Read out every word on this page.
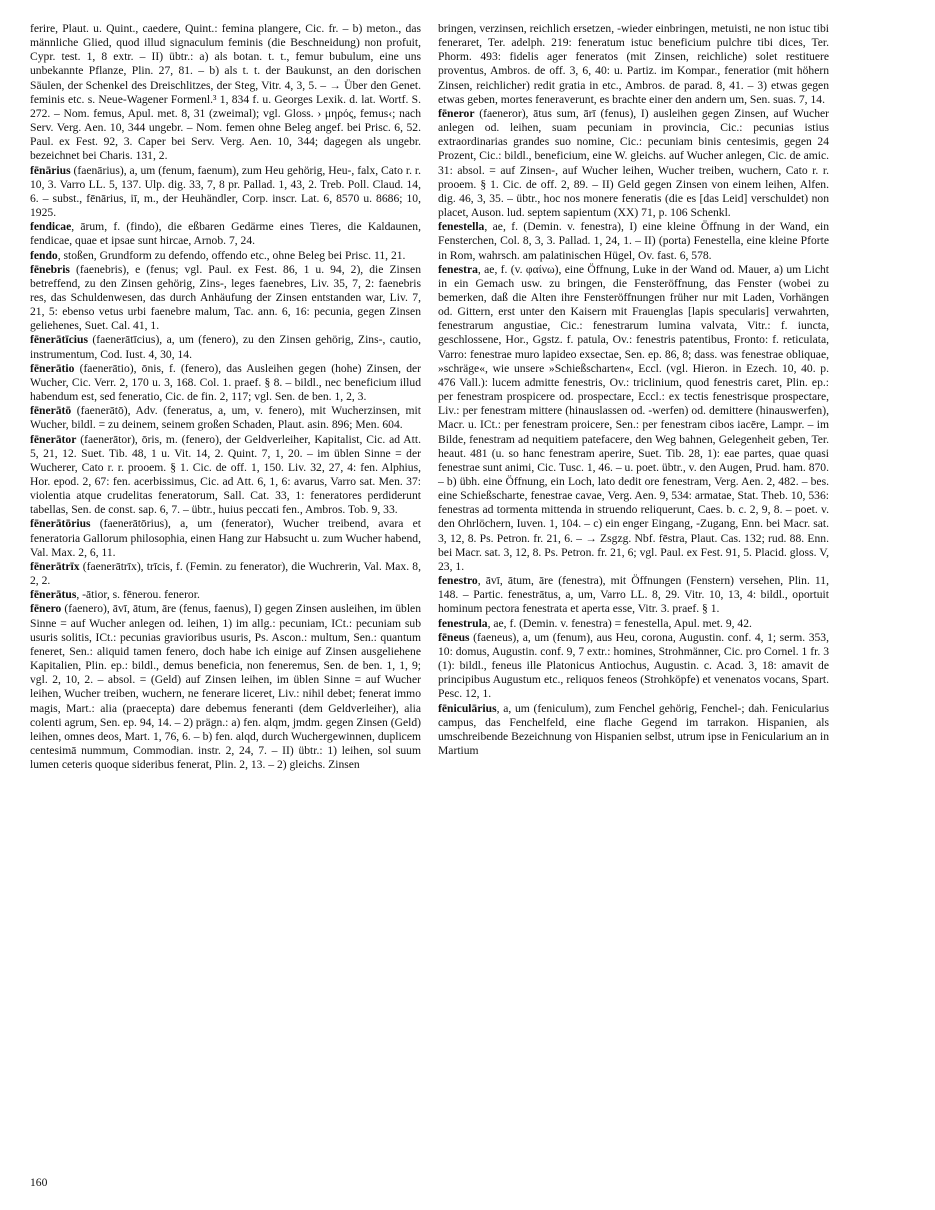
ferire, Plaut. u. Quint., caedere, Quint.: femina plangere, Cic. fr. – b) meton., das männliche Glied, quod illud signaculum feminis (die Beschneidung) non profuit, Cypr. test. 1, 8 extr. – II) übtr.: a) als botan. t. t., femur bubulum, eine uns unbekannte Pflanze, Plin. 27, 81. – b) als t. t. der Baukunst, an den dorischen Säulen, der Schenkel des Dreischlitzes, der Steg, Vitr. 4, 3, 5. – → Über den Genet. feminis etc. s. Neue-Wagener Formenl.³ 1, 834 f. u. Georges Lexik. d. lat. Wortf. S. 272. – Nom. femus, Apul. met. 8, 31 (zweimal); vgl. Gloss. › μηρός, femus‹; nach Serv. Verg. Aen. 10, 344 ungebr. – Nom. femen ohne Beleg angef. bei Prisc. 6, 52. Paul. ex Fest. 92, 3. Caper bei Serv. Verg. Aen. 10, 344; dagegen als ungebr. bezeichnet bei Charis. 131, 2.

fēnārius (faenārius), a, um (fenum, faenum), zum Heu gehörig, Heu-, falx, Cato r. r. 10, 3. Varro LL. 5, 137. Ulp. dig. 33, 7, 8 pr. Pallad. 1, 43, 2. Treb. Poll. Claud. 14, 6. – subst., fēnārius, iī, m., der Heuhändler, Corp. inscr. Lat. 6, 8570 u. 8686; 10, 1925.

fendicae, ārum, f. (findo), die eßbaren Gedärme eines Tieres, die Kaldaunen, fendicae, quae et ipsae sunt hircae, Arnob. 7, 24.

fendo, stoßen, Grundform zu defendo, offendo etc., ohne Beleg bei Prisc. 11, 21.

fēnebris (faenebris), e (fenus; vgl. Paul. ex Fest. 86, 1 u. 94, 2), die Zinsen betreffend, zu den Zinsen gehörig, Zins-, leges faenebres, Liv. 35, 7, 2: faenebris res, das Schuldenwesen, das durch Anhäufung der Zinsen entstanden war, Liv. 7, 21, 5: ebenso vetus urbi faenebre malum, Tac. ann. 6, 16: pecunia, gegen Zinsen geliehenes, Suet. Cal. 41, 1.

fēnerātīcius (faenerātīcius), a, um (fenero), zu den Zinsen gehörig, Zins-, cautio, instrumentum, Cod. Iust. 4, 30, 14.

fēnerātio (faenerātio), ōnis, f. (fenero), das Ausleihen gegen (hohe) Zinsen, der Wucher, Cic. Verr. 2, 170 u. 3, 168. Col. 1. praef. § 8. – bildl., nec beneficium illud habendum est, sed feneratio, Cic. de fin. 2, 117; vgl. Sen. de ben. 1, 2, 3.

fēnerātō (faenerātō), Adv. (feneratus, a, um, v. fenero), mit Wucherzinsen, mit Wucher, bildl. = zu deinem, seinem großen Schaden, Plaut. asin. 896; Men. 604.

fēnerātor (faenerātor), ōris, m. (fenero), der Geldverleiher, Kapitalist, Cic. ad Att. 5, 21, 12. Suet. Tib. 48, 1 u. Vit. 14, 2. Quint. 7, 1, 20. – im üblen Sinne = der Wucherer, Cato r. r. prooem. § 1. Cic. de off. 1, 150. Liv. 32, 27, 4: fen. Alphius, Hor. epod. 2, 67: fen. acerbissimus, Cic. ad Att. 6, 1, 6: avarus, Varro sat. Men. 37: violentia atque crudelitas feneratorum, Sall. Cat. 33, 1: feneratores perdiderunt tabellas, Sen. de const. sap. 6, 7. – übtr., huius peccati fen., Ambros. Tob. 9, 33.

fēnerātōrius (faenerātōrius), a, um (fenerator), Wucher treibend, avara et feneratoria Gallorum philosophia, einen Hang zur Habsucht u. zum Wucher habend, Val. Max. 2, 6, 11.

fēnerātrīx (faenerātrīx), trīcis, f. (Femin. zu fenerator), die Wuchrerin, Val. Max. 8, 2, 2.

fēnerātus, -ātior, s. fēnerou. feneror.

fēnero (faenero), āvī, ātum, āre (fenus, faenus), I) gegen Zinsen ausleihen, im üblen Sinne = auf Wucher anlegen od. leihen, 1) im allg.: pecuniam, ICt.: pecuniam sub usuris solitis, ICt.: pecunias gravioribus usuris, Ps. Ascon.: multum, Sen.: quantum feneret, Sen.: aliquid tamen fenero, doch habe ich einige auf Zinsen ausgeliehene Kapitalien, Plin. ep.: bildl., demus beneficia, non feneremus, Sen. de ben. 1, 1, 9; vgl. 2, 10, 2. – absol. = (Geld) auf Zinsen leihen, im üblen Sinne = auf Wucher leihen, Wucher treiben, wuchern, ne fenerare liceret, Liv.: nihil debet; fenerat immo magis, Mart.: alia (praecepta) dare debemus feneranti (dem Geldverleiher), alia colenti agrum, Sen. ep. 94, 14. – 2) prägn.: a) fen. alqm, jmdm. gegen Zinsen (Geld) leihen, omnes deos, Mart. 1, 76, 6. – b) fen. alqd, durch Wuchergewinnen, duplicem centesimā nummum, Commodian. instr. 2, 24, 7. – II) übtr.: 1) leihen, sol suum lumen ceteris quoque sideribus fenerat, Plin. 2, 13. – 2) gleichs. Zinsen

bringen, verzinsen, reichlich ersetzen, -wieder einbringen, metuisti, ne non istuc tibi feneraret, Ter. adelph. 219: feneratum istuc beneficium pulchre tibi dices, Ter. Phorm. 493: fidelis ager feneratos (mit Zinsen, reichliche) solet restituere proventus, Ambros. de off. 3, 6, 40: u. Partiz. im Kompar., feneratior (mit höhern Zinsen, reichlicher) redit gratia in etc., Ambros. de parad. 8, 41. – 3) etwas gegen etwas geben, mortes feneraverunt, es brachte einer den andern um, Sen. suas. 7, 14.

fēneror (faeneror), ātus sum, ārī (fenus), I) ausleihen gegen Zinsen, auf Wucher anlegen od. leihen, suam pecuniam in provincia, Cic.: pecunias istius extraordinarias grandes suo nomine, Cic.: pecuniam binis centesimis, gegen 24 Prozent, Cic.: bildl., beneficium, eine W. gleichs. auf Wucher anlegen, Cic. de amic. 31: absol. = auf Zinsen-, auf Wucher leihen, Wucher treiben, wuchern, Cato r. r. prooem. § 1. Cic. de off. 2, 89. – II) Geld gegen Zinsen von einem leihen, Alfen. dig. 46, 3, 35. – übtr., hoc nos monere feneratis (die es [das Leid] verschuldet) non placet, Auson. lud. septem sapientum (XX) 71, p. 106 Schenkl.

fenestella, ae, f. (Demin. v. fenestra), I) eine kleine Öffnung in der Wand, ein Fensterchen, Col. 8, 3, 3. Pallad. 1, 24, 1. – II) (porta) Fenestella, eine kleine Pforte in Rom, wahrsch. am palatinischen Hügel, Ov. fast. 6, 578.

fenestra, ae, f. (v. φαίνω), eine Öffnung, Luke in der Wand od. Mauer, a) um Licht in ein Gemach usw. zu bringen, die Fensteröffnung, das Fenster (wobei zu bemerken, daß die Alten ihre Fensteröffnungen früher nur mit Laden, Vorhängen od. Gittern, erst unter den Kaisern mit Frauenglas [lapis specularis] verwahrten, fenestrarum angustiae, Cic.: fenestrarum lumina valvata, Vitr.: f. iuncta, geschlossene, Hor., Ggstz. f. patula, Ov.: fenestris patentibus, Fronto: f. reticulata, Varro: fenestrae muro lapideo exsectae, Sen. ep. 86, 8; dass. was fenestrae obliquae, »schräge«, wie unsere »Schießscharten«, Eccl. (vgl. Hieron. in Ezech. 10, 40. p. 476 Vall.): lucem admitte fenestris, Ov.: triclinium, quod fenestris caret, Plin. ep.: per fenestram prospicere od. prospectare, Eccl.: ex tectis fenestrisque prospectare, Liv.: per fenestram mittere (hinauslassen od. -werfen) od. demittere (hinauswerfen), Macr. u. ICt.: per fenestram proicere, Sen.: per fenestram cibos iacēre, Lampr. – im Bilde, fenestram ad nequitiem patefacere, den Weg bahnen, Gelegenheit geben, Ter. heaut. 481 (u. so hanc fenestram aperire, Suet. Tib. 28, 1): eae partes, quae quasi fenestrae sunt animi, Cic. Tusc. 1, 46. – u. poet. übtr., v. den Augen, Prud. ham. 870. – b) übh. eine Öffnung, ein Loch, lato dedit ore fenestram, Verg. Aen. 2, 482. – bes. eine Schießscharte, fenestrae cavae, Verg. Aen. 9, 534: armatae, Stat. Theb. 10, 536: fenestras ad tormenta mittenda in struendo reliquerunt, Caes. b. c. 2, 9, 8. – poet. v. den Ohrlöchern, Iuven. 1, 104. – c) ein enger Eingang, -Zugang, Enn. bei Macr. sat. 3, 12, 8. Ps. Petron. fr. 21, 6. – → Zsgzg. Nbf. fēstra, Plaut. Cas. 132; rud. 88. Enn. bei Macr. sat. 3, 12, 8. Ps. Petron. fr. 21, 6; vgl. Paul. ex Fest. 91, 5. Placid. gloss. V, 23, 1.

fenestro, āvī, ātum, āre (fenestra), mit Öffnungen (Fenstern) versehen, Plin. 11, 148. – Partic. fenestrātus, a, um, Varro LL. 8, 29. Vitr. 10, 13, 4: bildl., oportuit hominum pectora fenestrata et aperta esse, Vitr. 3. praef. § 1.

fenestrula, ae, f. (Demin. v. fenestra) = fenestella, Apul. met. 9, 42.

fēneus (faeneus), a, um (fenum), aus Heu, corona, Augustin. conf. 4, 1; serm. 353, 10: domus, Augustin. conf. 9, 7 extr.: homines, Strohmänner, Cic. pro Cornel. 1 fr. 3 (1): bildl., feneus ille Platonicus Antiochus, Augustin. c. Acad. 3, 18: amavit de principibus Augustum etc., reliquos feneos (Strohköpfe) et venenatos vocans, Spart. Pesc. 12, 1.

fēniculārius, a, um (feniculum), zum Fenchel gehörig, Fenchel-; dah. Fenicularius campus, das Fenchelfeld, eine flache Gegend im tarrakon. Hispanien, als umschreibende Bezeichnung von Hispanien selbst, utrum ipse in Fenicularium an in Martium

160
